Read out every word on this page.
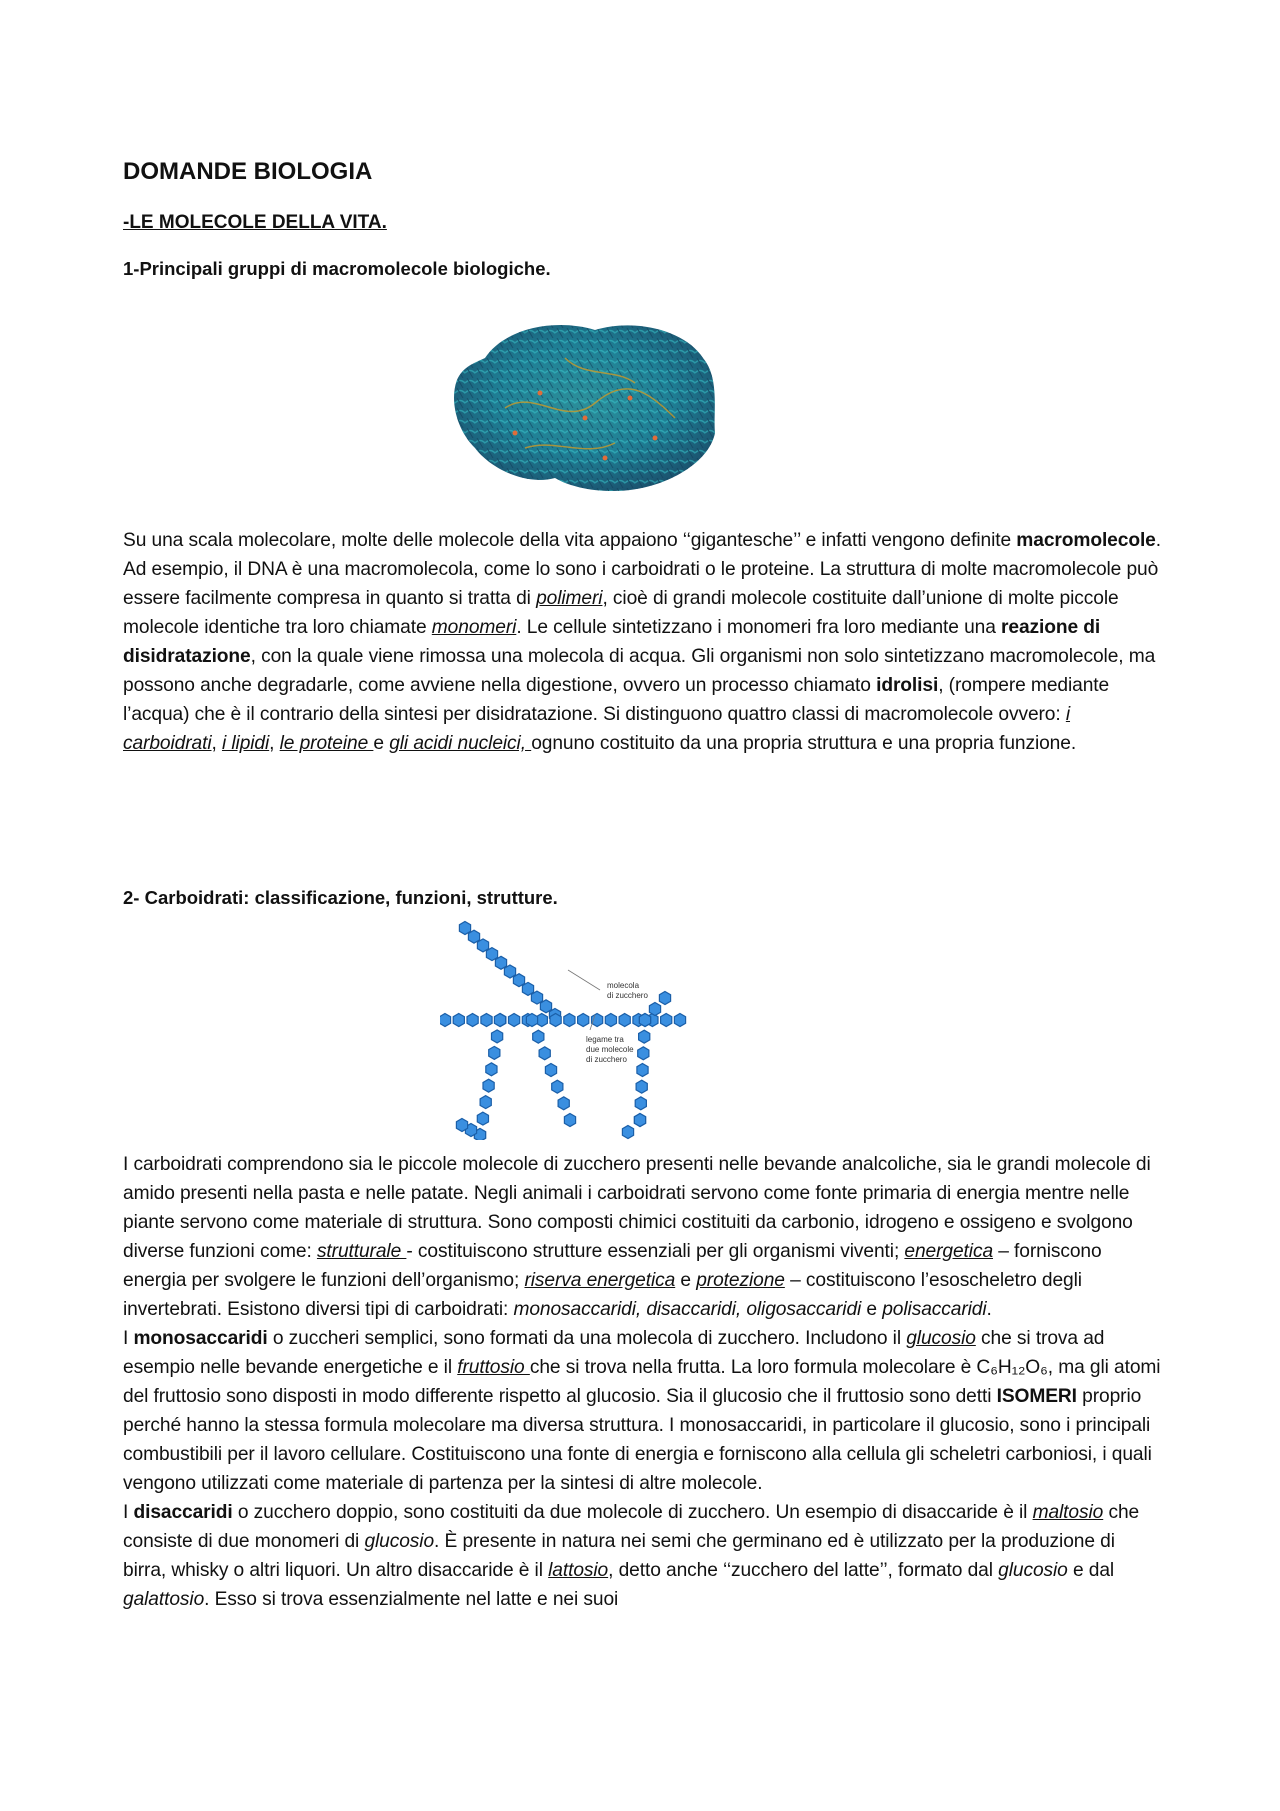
DOMANDE BIOLOGIA
-LE MOLECOLE DELLA VITA.
1-Principali gruppi di macromolecole biologiche.
Su una scala molecolare, molte delle molecole della vita appaiono ‘‘gigantesche’’ e infatti vengono definite macromolecole. Ad esempio, il DNA è una macromolecola, come lo sono i carboidrati o le proteine. La struttura di molte macromolecole può essere facilmente compresa in quanto si tratta di polimeri, cioè di grandi molecole costituite dall’unione di molte piccole molecole identiche tra loro chiamate monomeri. Le cellule sintetizzano i monomeri fra loro mediante una reazione di disidratazione, con la quale viene rimossa una molecola di acqua. Gli organismi non solo sintetizzano macromolecole, ma possono anche degradarle, come avviene nella digestione, ovvero un processo chiamato idrolisi, (rompere mediante l’acqua) che è il contrario della sintesi per disidratazione. Si distinguono quattro classi di macromolecole ovvero: i carboidrati, i lipidi, le proteine e gli acidi nucleici, ognuno costituito da una propria struttura e una propria funzione.
2- Carboidrati: classificazione, funzioni, strutture.
molecola
di zucchero
legame tra
due molecole
di zucchero
I carboidrati comprendono sia le piccole molecole di zucchero presenti nelle bevande analcoliche, sia le grandi molecole di amido presenti nella pasta e nelle patate. Negli animali i carboidrati servono come fonte primaria di energia mentre nelle piante servono come materiale di struttura. Sono composti chimici costituiti da carbonio, idrogeno e ossigeno e svolgono diverse funzioni come: strutturale - costituiscono strutture essenziali per gli organismi viventi; energetica – forniscono energia per svolgere le funzioni dell’organismo; riserva energetica e protezione – costituiscono l’esoscheletro degli invertebrati. Esistono diversi tipi di carboidrati: monosaccaridi, disaccaridi, oligosaccaridi e polisaccaridi.
I monosaccaridi o zuccheri semplici, sono formati da una molecola di zucchero. Includono il glucosio che si trova ad esempio nelle bevande energetiche e il fruttosio che si trova nella frutta. La loro formula molecolare è C₆H₁₂O₆, ma gli atomi del fruttosio sono disposti in modo differente rispetto al glucosio. Sia il glucosio che il fruttosio sono detti ISOMERI proprio perché hanno la stessa formula molecolare ma diversa struttura. I monosaccaridi, in particolare il glucosio, sono i principali combustibili per il lavoro cellulare. Costituiscono una fonte di energia e forniscono alla cellula gli scheletri carboniosi, i quali vengono utilizzati come materiale di partenza per la sintesi di altre molecole.
I disaccaridi o zucchero doppio, sono costituiti da due molecole di zucchero. Un esempio di disaccaride è il maltosio che consiste di due monomeri di glucosio. È presente in natura nei semi che germinano ed è utilizzato per la produzione di birra, whisky o altri liquori. Un altro disaccaride è il lattosio, detto anche ‘‘zucchero del latte’’, formato dal glucosio e dal galattosio. Esso si trova essenzialmente nel latte e nei suoi
